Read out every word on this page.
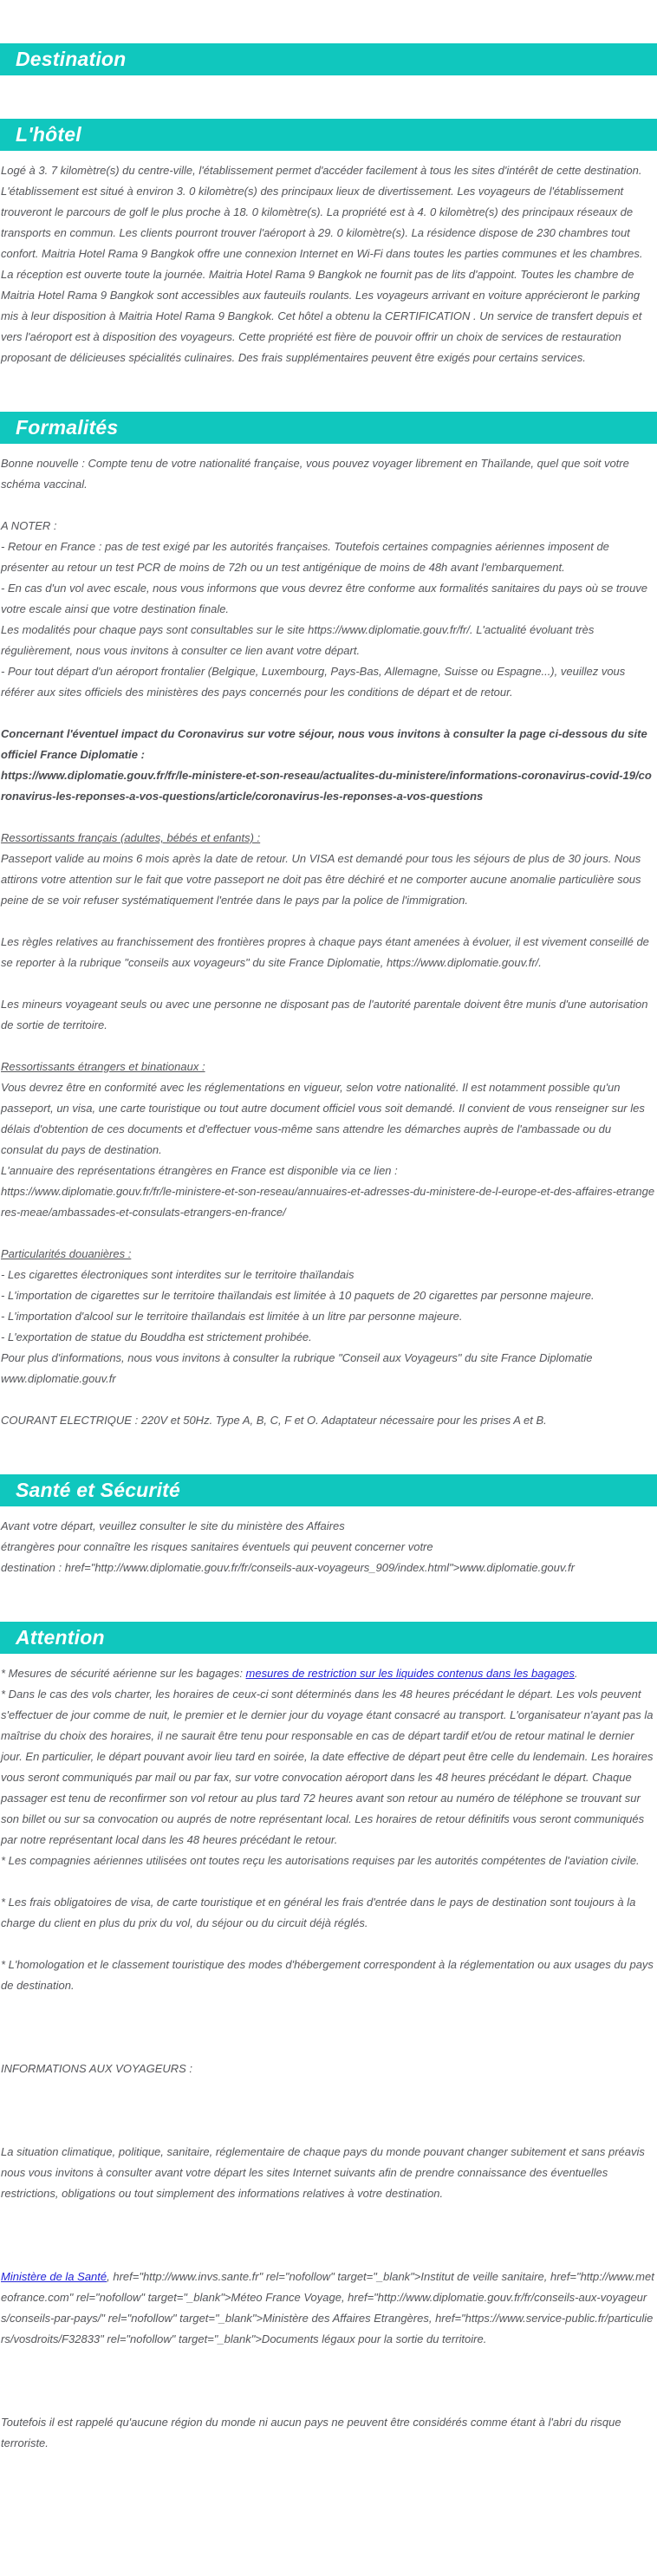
Destination
L'hôtel

Logé à 3. 7 kilomètre(s) du centre-ville, l'établissement permet d'accéder facilement à tous les sites d'intérêt de cette destination. L'établissement est situé à environ 3. 0 kilomètre(s) des principaux lieux de divertissement. Les voyageurs de l'établissement trouveront le parcours de golf le plus proche à 18. 0 kilomètre(s). La propriété est à 4. 0 kilomètre(s) des principaux réseaux de transports en commun. Les clients pourront trouver l'aéroport à 29. 0 kilomètre(s). La résidence dispose de 230 chambres tout confort. Maitria Hotel Rama 9 Bangkok offre une connexion Internet en Wi-Fi dans toutes les parties communes et les chambres. La réception est ouverte toute la journée. Maitria Hotel Rama 9 Bangkok ne fournit pas de lits d'appoint. Toutes les chambre de Maitria Hotel Rama 9 Bangkok sont accessibles aux fauteuils roulants. Les voyageurs arrivant en voiture apprécieront le parking mis à leur disposition à Maitria Hotel Rama 9 Bangkok. Cet hôtel a obtenu la CERTIFICATION . Un service de transfert depuis et vers l'aéroport est à disposition des voyageurs. Cette propriété est fière de pouvoir offrir un choix de services de restauration proposant de délicieuses spécialités culinaires. Des frais supplémentaires peuvent être exigés pour certains services.

Formalités

Bonne nouvelle : Compte tenu de votre nationalité française, vous pouvez voyager librement en Thaïlande, quel que soit votre schéma vaccinal.

A NOTER :

- Retour en France : pas de test exigé par les autorités françaises. Toutefois certaines compagnies aériennes imposent de présenter au retour un test PCR de moins de 72h ou un test antigénique de moins de 48h avant l'embarquement.

- En cas d'un vol avec escale, nous vous informons que vous devrez être conforme aux formalités sanitaires du pays où se trouve votre escale ainsi que votre destination finale.

Les modalités pour chaque pays sont consultables sur le site https://www.diplomatie.gouv.fr/fr/. L'actualité évoluant très régulièrement, nous vous invitons à consulter ce lien avant votre départ.

- Pour tout départ d'un aéroport frontalier (Belgique, Luxembourg, Pays-Bas, Allemagne, Suisse ou Espagne...), veuillez vous référer aux sites officiels des ministères des pays concernés pour les conditions de départ et de retour.

Concernant l'éventuel impact du Coronavirus sur votre séjour, nous vous invitons à consulter la page ci-dessous du site officiel France Diplomatie :

https://www.diplomatie.gouv.fr/fr/le-ministere-et-son-reseau/actualites-du-ministere/informations-coronavirus-covid-19/coronavirus-les-reponses-a-vos-questions/article/coronavirus-les-reponses-a-vos-questions

Ressortissants français (adultes, bébés et enfants) :

Passeport valide au moins 6 mois après la date de retour. Un VISA est demandé pour tous les séjours de plus de 30 jours. Nous attirons votre attention sur le fait que votre passeport ne doit pas être déchiré et ne comporter aucune anomalie particulière sous peine de se voir refuser systématiquement l'entrée dans le pays par la police de l'immigration.

Les règles relatives au franchissement des frontières propres à chaque pays étant amenées à évoluer, il est vivement conseillé de se reporter à la rubrique "conseils aux voyageurs" du site France Diplomatie, https://www.diplomatie.gouv.fr/.

Les mineurs voyageant seuls ou avec une personne ne disposant pas de l'autorité parentale doivent être munis d'une autorisation de sortie de territoire.

Ressortissants étrangers et binationaux :

Vous devrez être en conformité avec les réglementations en vigueur, selon votre nationalité. Il est notamment possible qu'un passeport, un visa, une carte touristique ou tout autre document officiel vous soit demandé. Il convient de vous renseigner sur les délais d'obtention de ces documents et d'effectuer vous-même sans attendre les démarches auprès de l'ambassade ou du consulat du pays de destination.

L'annuaire des représentations étrangères en France est disponible via ce lien :

https://www.diplomatie.gouv.fr/fr/le-ministere-et-son-reseau/annuaires-et-adresses-du-ministere-de-l-europe-et-des-affaires-etrangeres-meae/ambassades-et-consulats-etrangers-en-france/

Particularités douanières :

- Les cigarettes électroniques sont interdites sur le territoire thaïlandais

- L'importation de cigarettes sur le territoire thaïlandais est limitée à 10 paquets de 20 cigarettes par personne majeure.

- L'importation d'alcool sur le territoire thaïlandais est limitée à un litre par personne majeure.

- L'exportation de statue du Bouddha est strictement prohibée.

Pour plus d'informations, nous vous invitons à consulter la rubrique "Conseil aux Voyageurs" du site France Diplomatie www.diplomatie.gouv.fr

COURANT ELECTRIQUE : 220V et 50Hz. Type A, B, C, F et O. Adaptateur nécessaire pour les prises A et B.

Santé et Sécurité

Avant votre départ, veuillez consulter le site du ministère des Affaires

étrangères pour connaître les risques sanitaires éventuels qui peuvent concerner votre

destination : href="http://www.diplomatie.gouv.fr/fr/conseils-aux-voyageurs_909/index.html">www.diplomatie.gouv.fr

Attention

* Mesures de sécurité aérienne sur les bagages: mesures de restriction sur les liquides contenus dans les bagages.

* Dans le cas des vols charter, les horaires de ceux-ci sont déterminés dans les 48 heures précédant le départ. Les vols peuvent s'effectuer de jour comme de nuit, le premier et le dernier jour du voyage étant consacré au transport. L'organisateur n'ayant pas la maîtrise du choix des horaires, il ne saurait être tenu pour responsable en cas de départ tardif et/ou de retour matinal le dernier jour. En particulier, le départ pouvant avoir lieu tard en soirée, la date effective de départ peut être celle du lendemain. Les horaires vous seront communiqués par mail ou par fax, sur votre convocation aéroport dans les 48 heures précédant le départ. Chaque passager est tenu de reconfirmer son vol retour au plus tard 72 heures avant son retour au numéro de téléphone se trouvant sur son billet ou sur sa convocation ou auprés de notre représentant local. Les horaires de retour définitifs vous seront communiqués par notre représentant local dans les 48 heures précédant le retour.

* Les compagnies aériennes utilisées ont toutes reçu les autorisations requises par les autorités compétentes de l'aviation civile.

* Les frais obligatoires de visa, de carte touristique et en général les frais d'entrée dans le pays de destination sont toujours à la charge du client en plus du prix du vol, du séjour ou du circuit déjà réglés.

* L'homologation et le classement touristique des modes d'hébergement correspondent à la réglementation ou aux usages du pays de destination.

INFORMATIONS AUX VOYAGEURS :

La situation climatique, politique, sanitaire, réglementaire de chaque pays du monde pouvant changer subitement et sans préavis

nous vous invitons à consulter avant votre départ les sites Internet suivants afin de prendre connaissance des éventuelles restrictions, obligations ou tout simplement des informations relatives à votre destination.

Ministère de la Santé, href="http://www.invs.sante.fr" rel="nofollow" target="_blank">Institut de veille sanitaire, href="http://www.meteofrance.com" rel="nofollow" target="_blank">Méteo France Voyage, href="http://www.diplomatie.gouv.fr/fr/conseils-aux-voyageurs/conseils-par-pays/" rel="nofollow" target="_blank">Ministère des Affaires Etrangères, href="https://www.service-public.fr/particuliers/vosdroits/F32833" rel="nofollow" target="_blank">Documents légaux pour la sortie du territoire.

Toutefois il est rappelé qu'aucune région du monde ni aucun pays ne peuvent être considérés comme étant à l'abri du risque terroriste.
